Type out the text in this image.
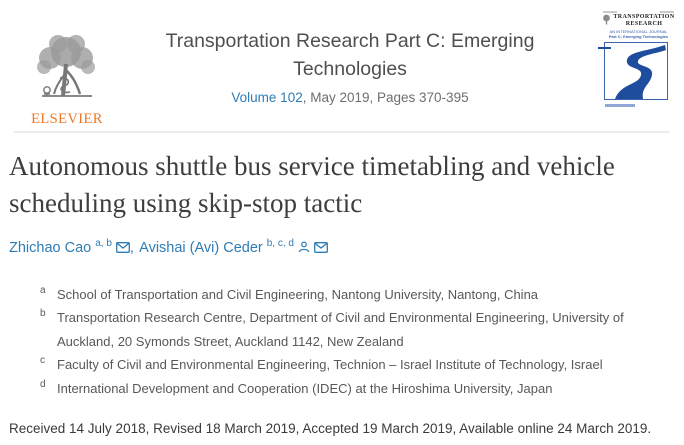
ELSEVIER
Transportation Research Part C: Emerging Technologies
Volume 102, May 2019, Pages 370-395
TRANSPORTATION
RESEARCH
AN INTERNATIONAL JOURNAL
Part C: Emerging Technologies
Autonomous shuttle bus service timetabling and vehicle scheduling using skip-stop tactic
Zhichao Cao $^{a, b}$ , Avishai (Avi) Ceder $^{b, c, d}$
a School of Transportation and Civil Engineering, Nantong University, Nantong, China
b Transportation Research Centre, Department of Civil and Environmental Engineering, University of Auckland, 20 Symonds Street, Auckland 1142, New Zealand
c Faculty of Civil and Environmental Engineering, Technion – Israel Institute of Technology, Israel
d International Development and Cooperation (IDEC) at the Hiroshima University, Japan

Received 14 July 2018, Revised 18 March 2019, Accepted 19 March 2019, Available online 24 March 2019.
